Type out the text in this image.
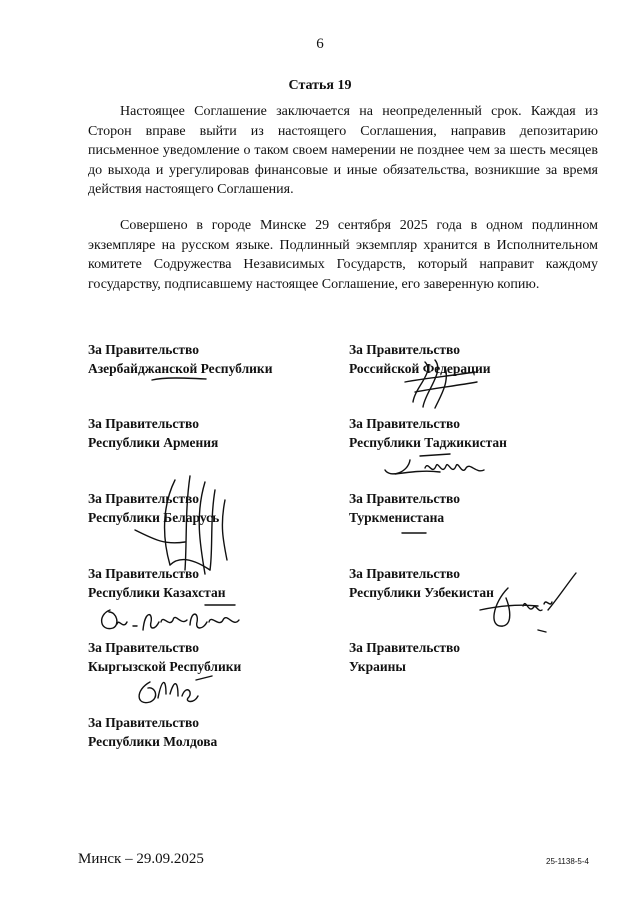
6
Статья 19

Настоящее Соглашение заключается на неопределенный срок. Каждая из Сторон вправе выйти из настоящего Соглашения, направив депозитарию письменное уведомление о таком своем намерении не позднее чем за шесть месяцев до выхода и урегулировав финансовые и иные обязательства, возникшие за время действия настоящего Соглашения.

Совершено в городе Минске 29 сентября 2025 года в одном подлинном экземпляре на русском языке. Подлинный экземпляр хранится в Исполнительном комитете Содружества Независимых Государств, который направит каждому государству, подписавшему настоящее Соглашение, его заверенную копию.

За Правительство
Азербайджанской Республики
За Правительство
Республики Армения
За Правительство
Республики Беларусь
За Правительство
Республики Казахстан
За Правительство
Кыргызской Республики
За Правительство
Республики Молдова
За Правительство
Российской Федерации
За Правительство
Республики Таджикистан
За Правительство
Туркменистана
За Правительство
Республики Узбекистан
За Правительство
Украины
Минск – 29.09.2025	25-1138-5-4
